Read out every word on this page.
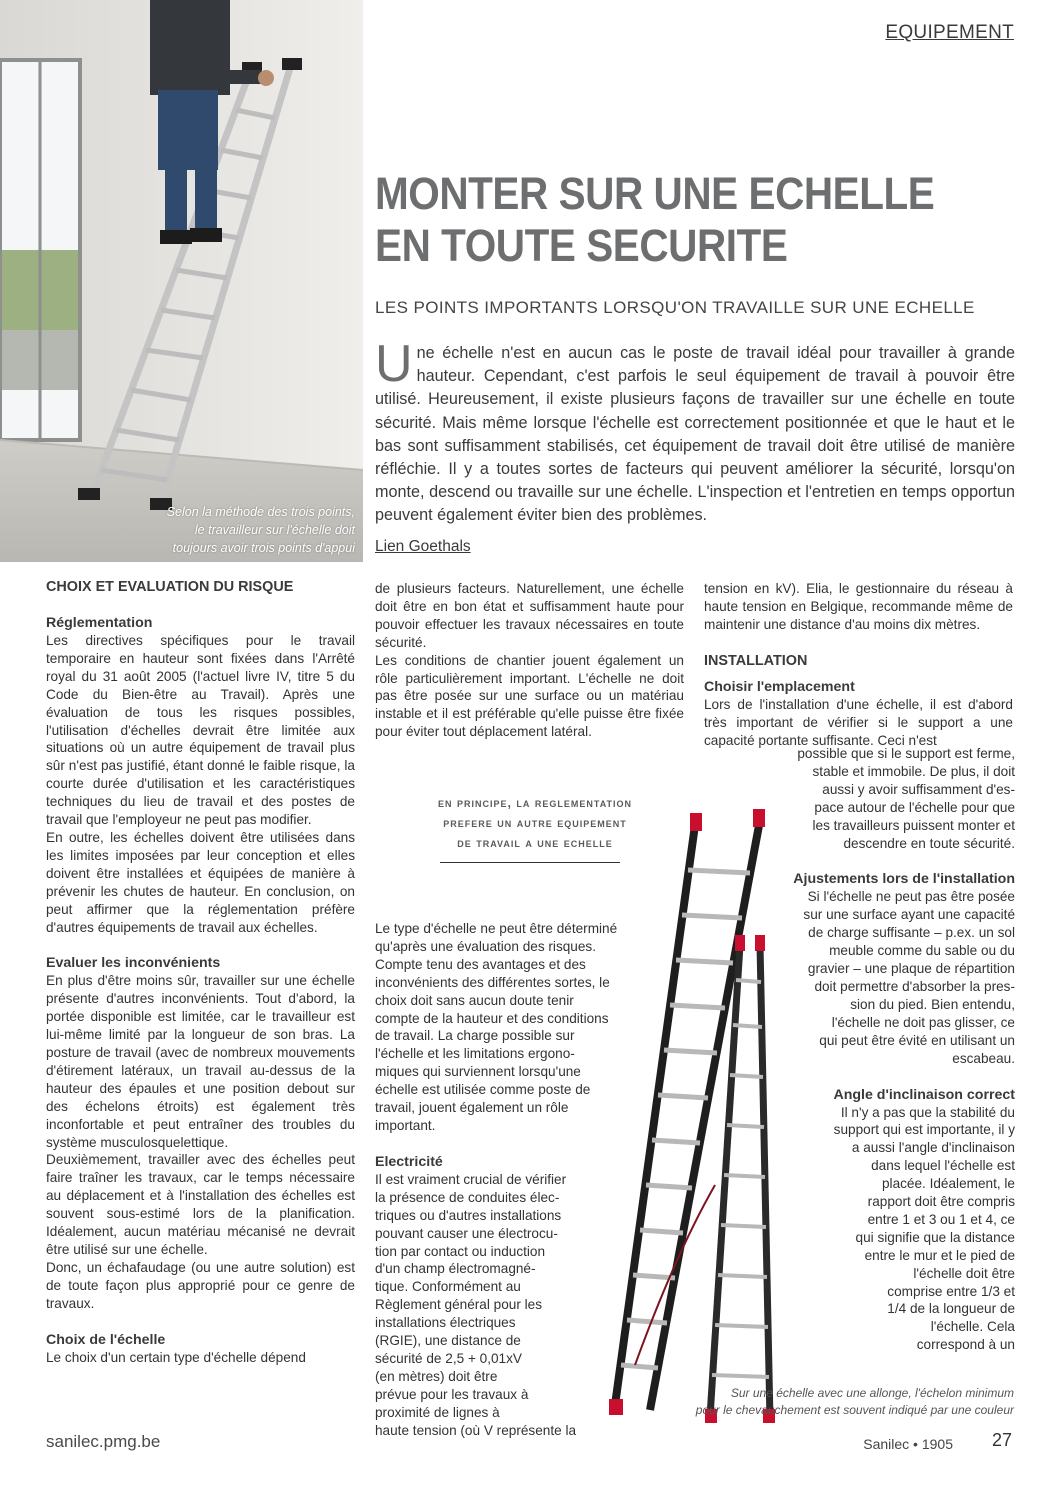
EQUIPEMENT
Selon la méthode des trois points,
le travailleur sur l'échelle doit
toujours avoir trois points d'appui
MONTER SUR UNE ECHELLE
EN TOUTE SECURITE
LES POINTS IMPORTANTS LORSQU'ON TRAVAILLE SUR UNE ECHELLE
Une échelle n'est en aucun cas le poste de travail idéal pour travailler à grande hauteur. Cependant, c'est parfois le seul équipement de travail à pouvoir être utilisé. Heureusement, il existe plusieurs façons de travailler sur une échelle en toute sécurité. Mais même lorsque l'échelle est correctement positionnée et que le haut et le bas sont suffisamment stabilisés, cet équipement de travail doit être utilisé de manière réfléchie. Il y a toutes sortes de facteurs qui peuvent améliorer la sécurité, lorsqu'on monte, descend ou travaille sur une échelle. L'inspection et l'entretien en temps opportun peuvent également éviter bien des problèmes.
Lien Goethals
CHOIX ET EVALUATION DU RISQUE
Réglementation

Les directives spécifiques pour le travail temporaire en hauteur sont fixées dans l'Arrêté royal du 31 août 2005 (l'actuel livre IV, titre 5 du Code du Bien-être au Travail). Après une évaluation de tous les risques possibles, l'utilisation d'échelles devrait être limitée aux situations où un autre équipement de travail plus sûr n'est pas justifié, étant donné le faible risque, la courte durée d'utilisation et les caractéristiques techniques du lieu de travail et des postes de travail que l'employeur ne peut pas modifier.

En outre, les échelles doivent être utilisées dans les limites imposées par leur conception et elles doivent être installées et équipées de manière à prévenir les chutes de hauteur. En conclusion, on peut affirmer que la réglementation préfère d'autres équipements de travail aux échelles.

Evaluer les inconvénients

En plus d'être moins sûr, travailler sur une échelle présente d'autres inconvénients. Tout d'abord, la portée disponible est limitée, car le travailleur est lui-même limité par la longueur de son bras. La posture de travail (avec de nombreux mouvements d'étirement latéraux, un travail au-dessus de la hauteur des épaules et une position debout sur des échelons étroits) est également très inconfortable et peut entraîner des troubles du système musculosquelettique.

Deuxièmement, travailler avec des échelles peut faire traîner les travaux, car le temps nécessaire au déplacement et à l'installation des échelles est souvent sous-estimé lors de la planification. Idéalement, aucun matériau mécanisé ne devrait être utilisé sur une échelle.

Donc, un échafaudage (ou une autre solution) est de toute façon plus approprié pour ce genre de travaux.

Choix de l'échelle

Le choix d'un certain type d'échelle dépend

de plusieurs facteurs. Naturellement, une échelle doit être en bon état et suffisamment haute pour pouvoir effectuer les travaux nécessaires en toute sécurité.

Les conditions de chantier jouent également un rôle particulièrement important. L'échelle ne doit pas être posée sur une surface ou un matériau instable et il est préférable qu'elle puisse être fixée pour éviter tout déplacement latéral.

en principe, la reglementation
prefere un autre equipement
de travail a une echelle
Le type d'échelle ne peut être déterminé
qu'après une évaluation des risques.
Compte tenu des avantages et des
inconvénients des différentes sortes, le
choix doit sans aucun doute tenir
compte de la hauteur et des conditions
de travail. La charge possible sur
l'échelle et les limitations ergono-
miques qui surviennent lorsqu'une
échelle est utilisée comme poste de
travail, jouent également un rôle
important.
Electricité
Il est vraiment crucial de vérifier
la présence de conduites élec-
triques ou d'autres installations
pouvant causer une électrocu-
tion par contact ou induction
d'un champ électromagné-
tique. Conformément au
Règlement général pour les
installations électriques
(RGIE), une distance de
sécurité de 2,5 + 0,01xV
(en mètres) doit être
prévue pour les travaux à
proximité de lignes à
haute tension (où V représente la

tension en kV). Elia, le gestionnaire du réseau à haute tension en Belgique, recommande même de maintenir une distance d'au moins dix mètres.

INSTALLATION
Choisir l'emplacement

Lors de l'installation d'une échelle, il est d'abord très important de vérifier si le support a une capacité portante suffisante. Ceci n'est

possible que si le support est ferme,
stable et immobile. De plus, il doit
aussi y avoir suffisamment d'es-
pace autour de l'échelle pour que
les travailleurs puissent monter et
descendre en toute sécurité.
Ajustements lors de l'installation
Si l'échelle ne peut pas être posée
sur une surface ayant une capacité
de charge suffisante – p.ex. un sol
meuble comme du sable ou du
gravier – une plaque de répartition
doit permettre d'absorber la pres-
sion du pied. Bien entendu,
l'échelle ne doit pas glisser, ce
qui peut être évité en utilisant un
escabeau.
Angle d'inclinaison correct
Il n'y a pas que la stabilité du
support qui est importante, il y
a aussi l'angle d'inclinaison
dans lequel l'échelle est
placée. Idéalement, le
rapport doit être compris
entre 1 et 3 ou 1 et 4, ce
qui signifie que la distance
entre le mur et le pied de
l'échelle doit être
comprise entre 1/3 et
1/4 de la longueur de
l'échelle. Cela
correspond à un
Sur une échelle avec une allonge, l'échelon minimum
pour le chevauchement est souvent indiqué par une couleur
sanilec.pmg.be	Sanilec • 1905 27
